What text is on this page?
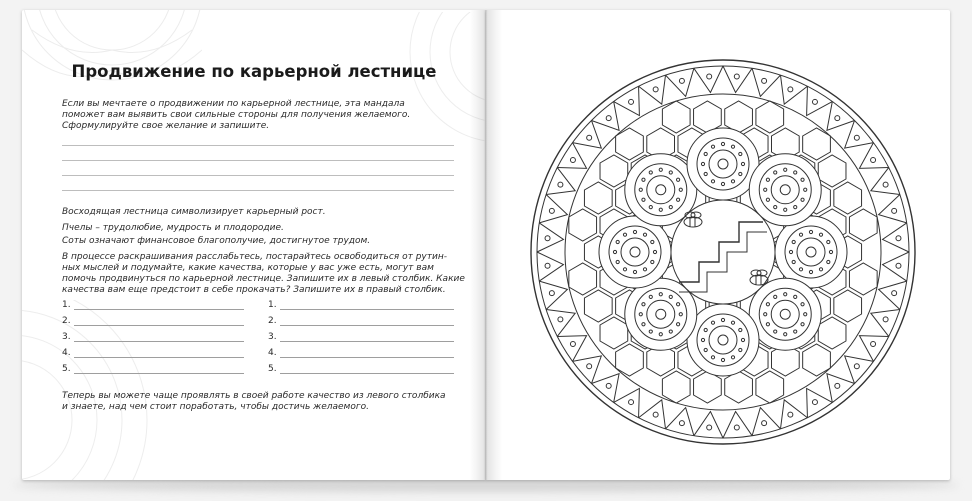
Продвижение по карьерной лестнице
Если вы мечтаете о продвижении по карьерной лестнице, эта мандала
поможет вам выявить свои сильные стороны для получения желаемого.
Сформулируйте свое желание и запишите.
Восходящая лестница символизирует карьерный рост.
Пчелы – трудолюбие, мудрость и плодородие.
Соты означают финансовое благополучие, достигнутое трудом.
В процессе раскрашивания расслабьтесь, постарайтесь освободиться от рутин-
ных мыслей и подумайте, какие качества, которые у вас уже есть, могут вам
помочь продвинуться по карьерной лестнице. Запишите их в левый столбик. Какие
качества вам еще предстоит в себе прокачать? Запишите их в правый столбик.
1.
2.
3.
4.
5.
1.
2.
3.
4.
5.
Теперь вы можете чаще проявлять в своей работе качество из левого столбика
и знаете, над чем стоит поработать, чтобы достичь желаемого.
